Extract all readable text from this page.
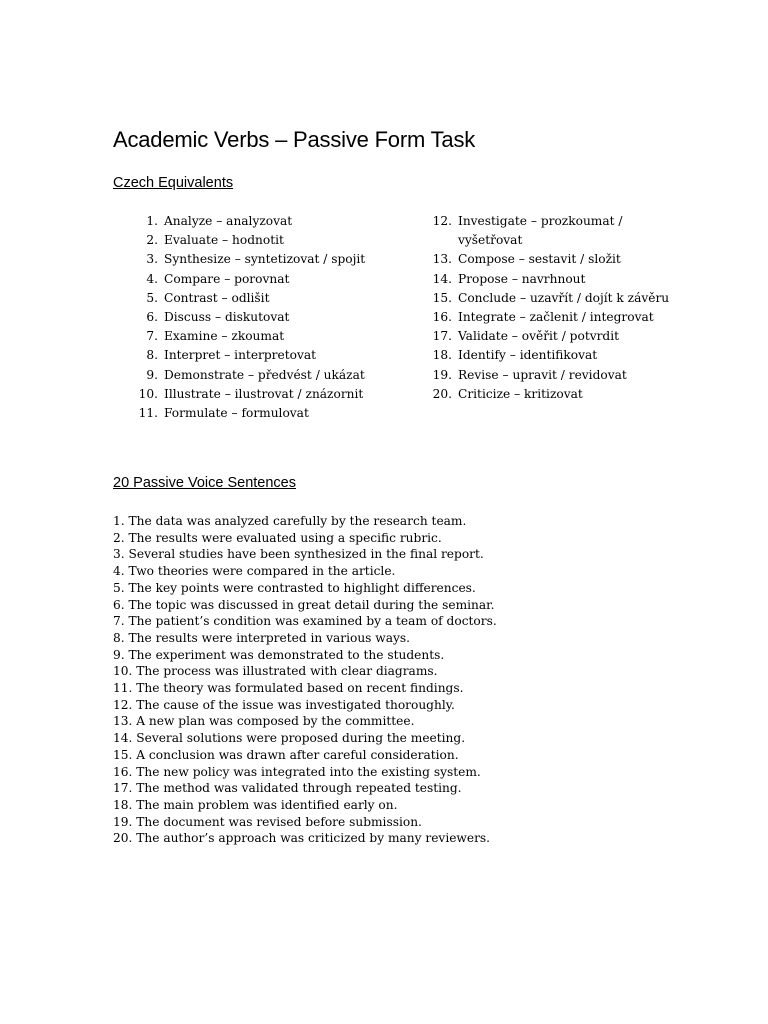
Academic Verbs – Passive Form Task
Czech Equivalents
1. Analyze – analyzovat
2. Evaluate – hodnotit
3. Synthesize – syntetizovat / spojit
4. Compare – porovnat
5. Contrast – odlišit
6. Discuss – diskutovat
7. Examine – zkoumat
8. Interpret – interpretovat
9. Demonstrate – předvést / ukázat
10. Illustrate – ilustrovat / znázornit
11. Formulate – formulovat
12. Investigate – prozkoumat / vyšetřovat
13. Compose – sestavit / složit
14. Propose – navrhnout
15. Conclude – uzavřít / dojít k závěru
16. Integrate – začlenit / integrovat
17. Validate – ověřit / potvrdit
18. Identify – identifikovat
19. Revise – upravit / revidovat
20. Criticize – kritizovat
20 Passive Voice Sentences
1. The data was analyzed carefully by the research team.
2. The results were evaluated using a specific rubric.
3. Several studies have been synthesized in the final report.
4. Two theories were compared in the article.
5. The key points were contrasted to highlight differences.
6. The topic was discussed in great detail during the seminar.
7. The patient’s condition was examined by a team of doctors.
8. The results were interpreted in various ways.
9. The experiment was demonstrated to the students.
10. The process was illustrated with clear diagrams.
11. The theory was formulated based on recent findings.
12. The cause of the issue was investigated thoroughly.
13. A new plan was composed by the committee.
14. Several solutions were proposed during the meeting.
15. A conclusion was drawn after careful consideration.
16. The new policy was integrated into the existing system.
17. The method was validated through repeated testing.
18. The main problem was identified early on.
19. The document was revised before submission.
20. The author’s approach was criticized by many reviewers.
